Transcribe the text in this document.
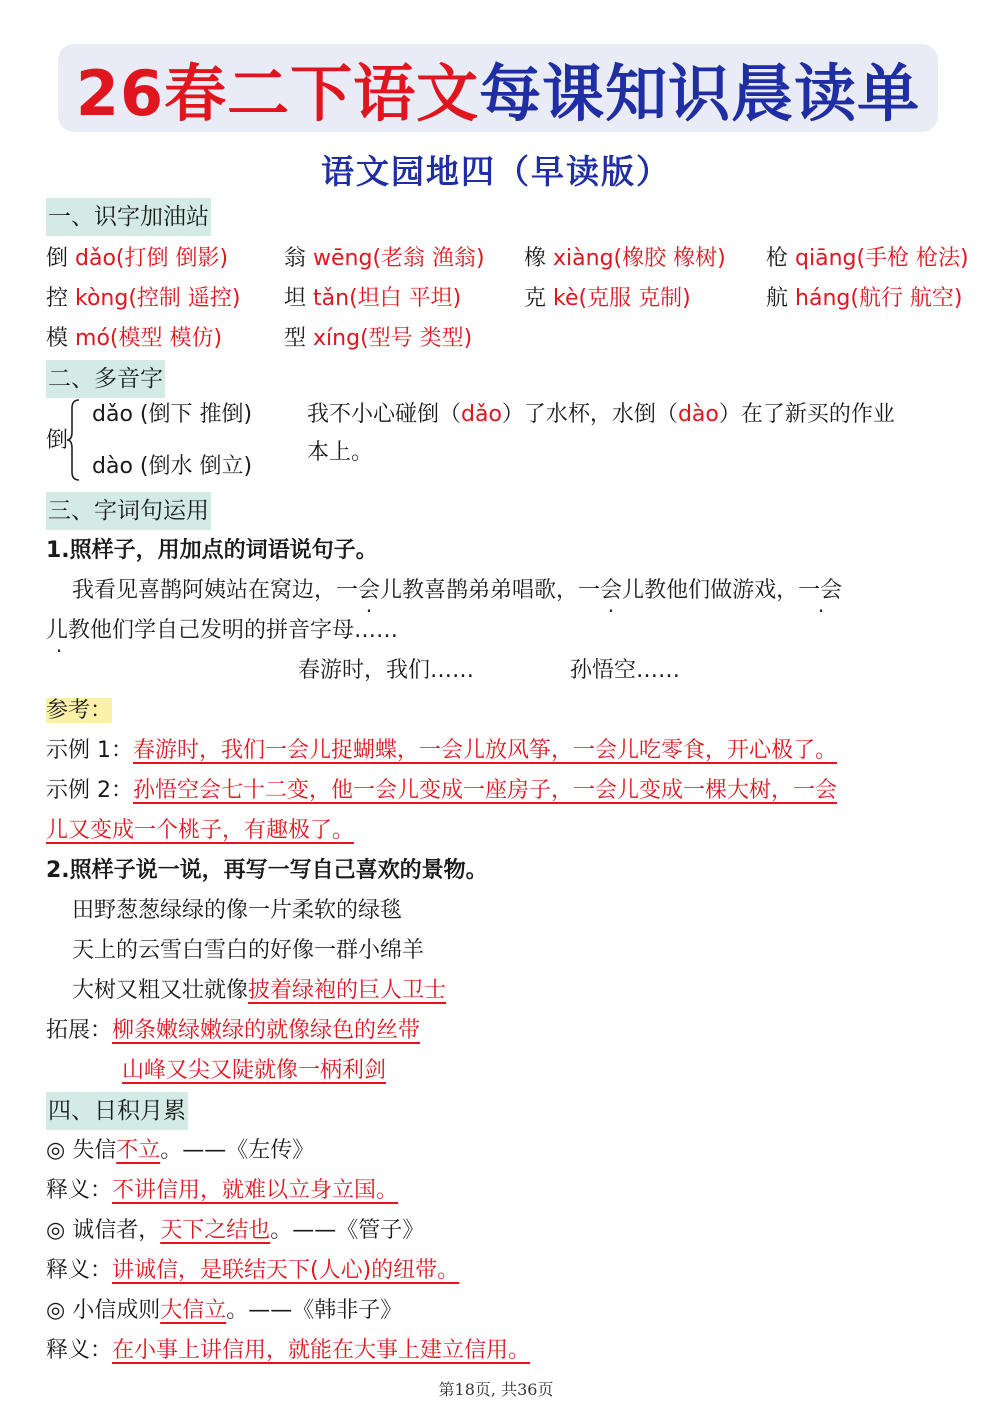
26春二下语文 每课知识晨读单
语文园地四（早读版）
一、识字加油站
倒 dǎo(打倒 倒影)	翁 wēng(老翁 渔翁) 橡 xiàng(橡胶 橡树) 枪 qiāng(手枪 枪法)
控 kòng(控制 遥控) 坦 tǎn(坦白 平坦)	克 kè(克服 克制)	航 háng(航行 航空)
模 mó(模型 模仿)	型 xíng(型号 类型)
二、多音字
倒
dǎo (倒下 推倒)
dào (倒水 倒立)
我不小心碰倒（dǎo）了水杯，水倒（dào）在了新买的作业
本上。
三、字词句运用
1.照样子，用加点的词语说句子。
我看见喜鹊阿姨站在窝边，一会儿教喜鹊弟弟唱歌，一会儿教他们做游戏，一会
儿教他们学自己发明的拼音字母……
春游时，我们……	孙悟空……
参考：
示例 1：春游时，我们一会儿捉蝴蝶，一会儿放风筝，一会儿吃零食，开心极了。
示例 2：孙悟空会七十二变，他一会儿变成一座房子，一会儿变成一棵大树，一会
儿又变成一个桃子，有趣极了。
2.照样子说一说，再写一写自己喜欢的景物。
田野葱葱绿绿的像一片柔软的绿毯
天上的云雪白雪白的好像一群小绵羊
大树又粗又壮就像披着绿袍的巨人卫士
拓展：柳条嫩绿嫩绿的就像绿色的丝带
山峰又尖又陡就像一柄利剑
四、日积月累
◎ 失信不立。——《左传》
释义：不讲信用，就难以立身立国。
◎ 诚信者，天下之结也。——《管子》
释义：讲诚信，是联结天下(人心)的纽带。
◎ 小信成则大信立。——《韩非子》
释义：在小事上讲信用，就能在大事上建立信用。
第18页, 共36页
